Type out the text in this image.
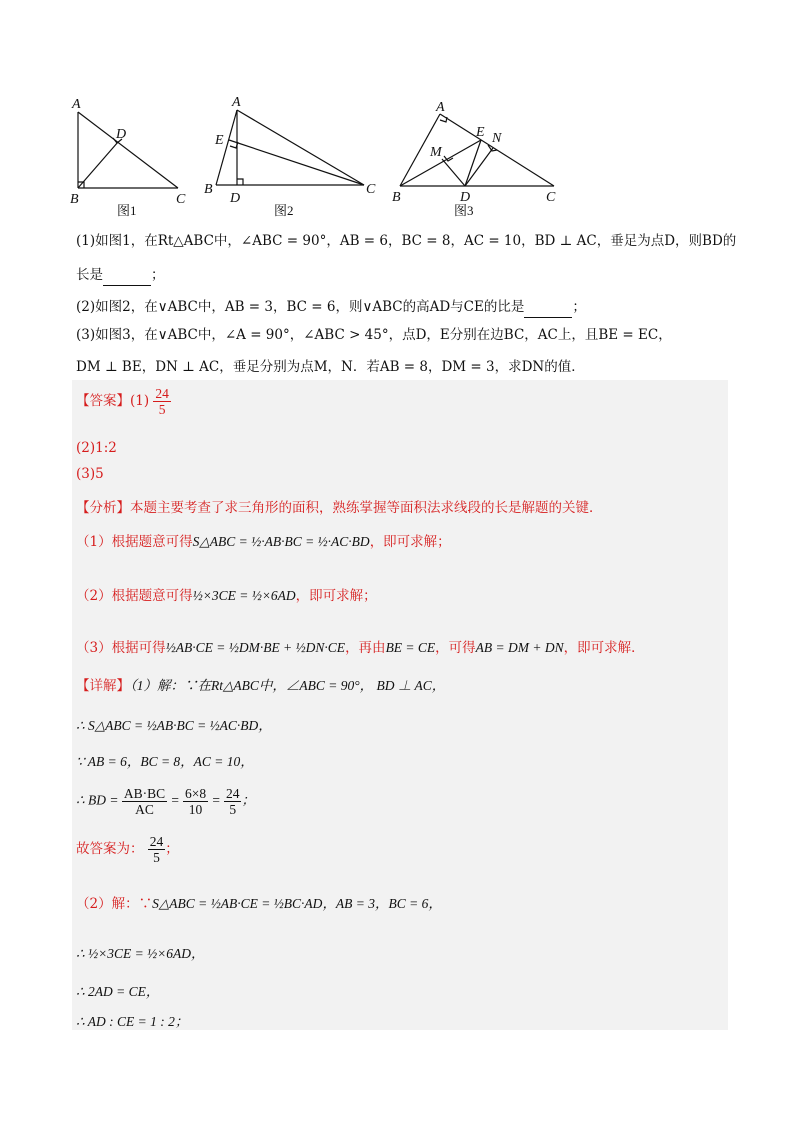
A
D
B	C
图1
A
E
B
D
C
图2
A
E N
M
B	D	C
图3
(1)如图1，在Rt△ABC中，∠ABC = 90°，AB = 6，BC = 8，AC = 10，BD ⊥ AC，垂足为点D，则BD的
长是	；
(2)如图2，在∨ABC中，AB = 3，BC = 6，则∨ABC的高AD与CE的比是	；
(3)如图3，在∨ABC中，∠A = 90°，∠ABC > 45°，点D，E分别在边BC，AC上，且BE = EC，
DM ⊥ BE，DN ⊥ AC，垂足分别为点M，N．若AB = 8，DM = 3，求DN的值．
【答案】$(1) \frac{24}{5}$
(2)1:2
(3)5
【分析】本题主要考查了求三角形的面积，熟练掌握等面积法求线段的长是解题的关键．
（1）根据题意可得S△ABC = ½·AB·BC = ½·AC·BD，即可求解；
（2）根据题意可得½×3CE = ½×6AD，即可求解；
（3）根据可得½AB·CE = ½DM·BE + ½DN·CE，再由BE = CE，可得AB = DM + DN，即可求解．
【详解】（1）解：∵在Rt△ABC中，∠ABC = 90°， BD ⊥ AC，
∴ S△ABC = ½AB·BC = ½AC·BD，
∵ AB = 6，BC = 8，AC = 10，
∴ BD = $\frac{AB\cdot BC}{AC} = \frac{6\times 8}{10} = \frac{24}{5}$ ；
故答案为： $\frac{24}{5}$ ；
（2）解：∵S△ABC = ½AB·CE = ½BC·AD，AB = 3，BC = 6，
∴ ½×3CE = ½×6AD，
∴ 2AD = CE，
∴ AD : CE = 1 : 2；
